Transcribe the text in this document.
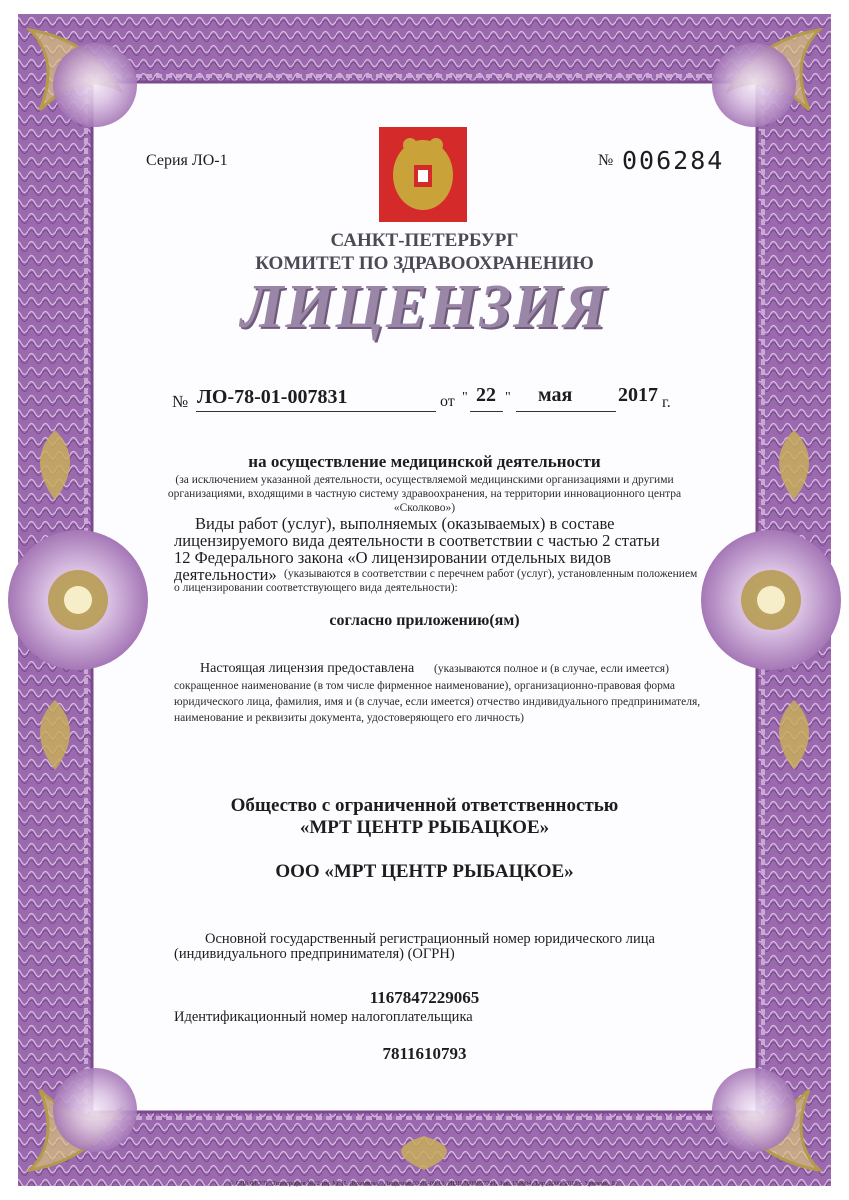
Серия ЛО-1	№ 006284
САНКТ-ПЕТЕРБУРГ
КОМИТЕТ ПО ЗДРАВООХРАНЕНИЮ
ЛИЦЕНЗИЯ
№ ЛО-78-01-007831	от " 22 " мая 2017 г.
на осуществление медицинской деятельности
(за исключением указанной деятельности, осуществляемой медицинскими организациями и другими
организациями, входящими в частную систему здравоохранения, на территории инновационного центра
«Сколково»)
Виды работ (услуг), выполняемых (оказываемых) в составе
лицензируемого вида деятельности в соответствии с частью 2 статьи
12 Федерального закона «О лицензировании отдельных видов
деятельности» (указываются в соответствии с перечнем работ (услуг), установленным положением
о лицензировании соответствующего вида деятельности):
согласно приложению(ям)
Настоящая лицензия предоставлена (указываются полное и (в случае, если имеется)
сокращенное наименование (в том числе фирменное наименование), организационно-правовая форма
юридического лица, фамилия, имя и (в случае, если имеется) отчество индивидуального предпринимателя,
наименование и реквизиты документа, удостоверяющего его личность)
Общество с ограниченной ответственностью
«МРТ ЦЕНТР РЫБАЦКОЕ»
ООО «МРТ ЦЕНТР РЫБАЦКОЕ»
Основной государственный регистрационный номер юридического лица
(индивидуального предпринимателя) (ОГРН)
1167847229065
Идентификационный номер налогоплательщика
7811610793
© СПб ФГУП "Типография №12 им. М. И. Лоханкова". Лицензия 03-05-09/19, ИНН 7809057741. Зак. 150004. Тир. 2000. 2015 г. Уровень „Б".
